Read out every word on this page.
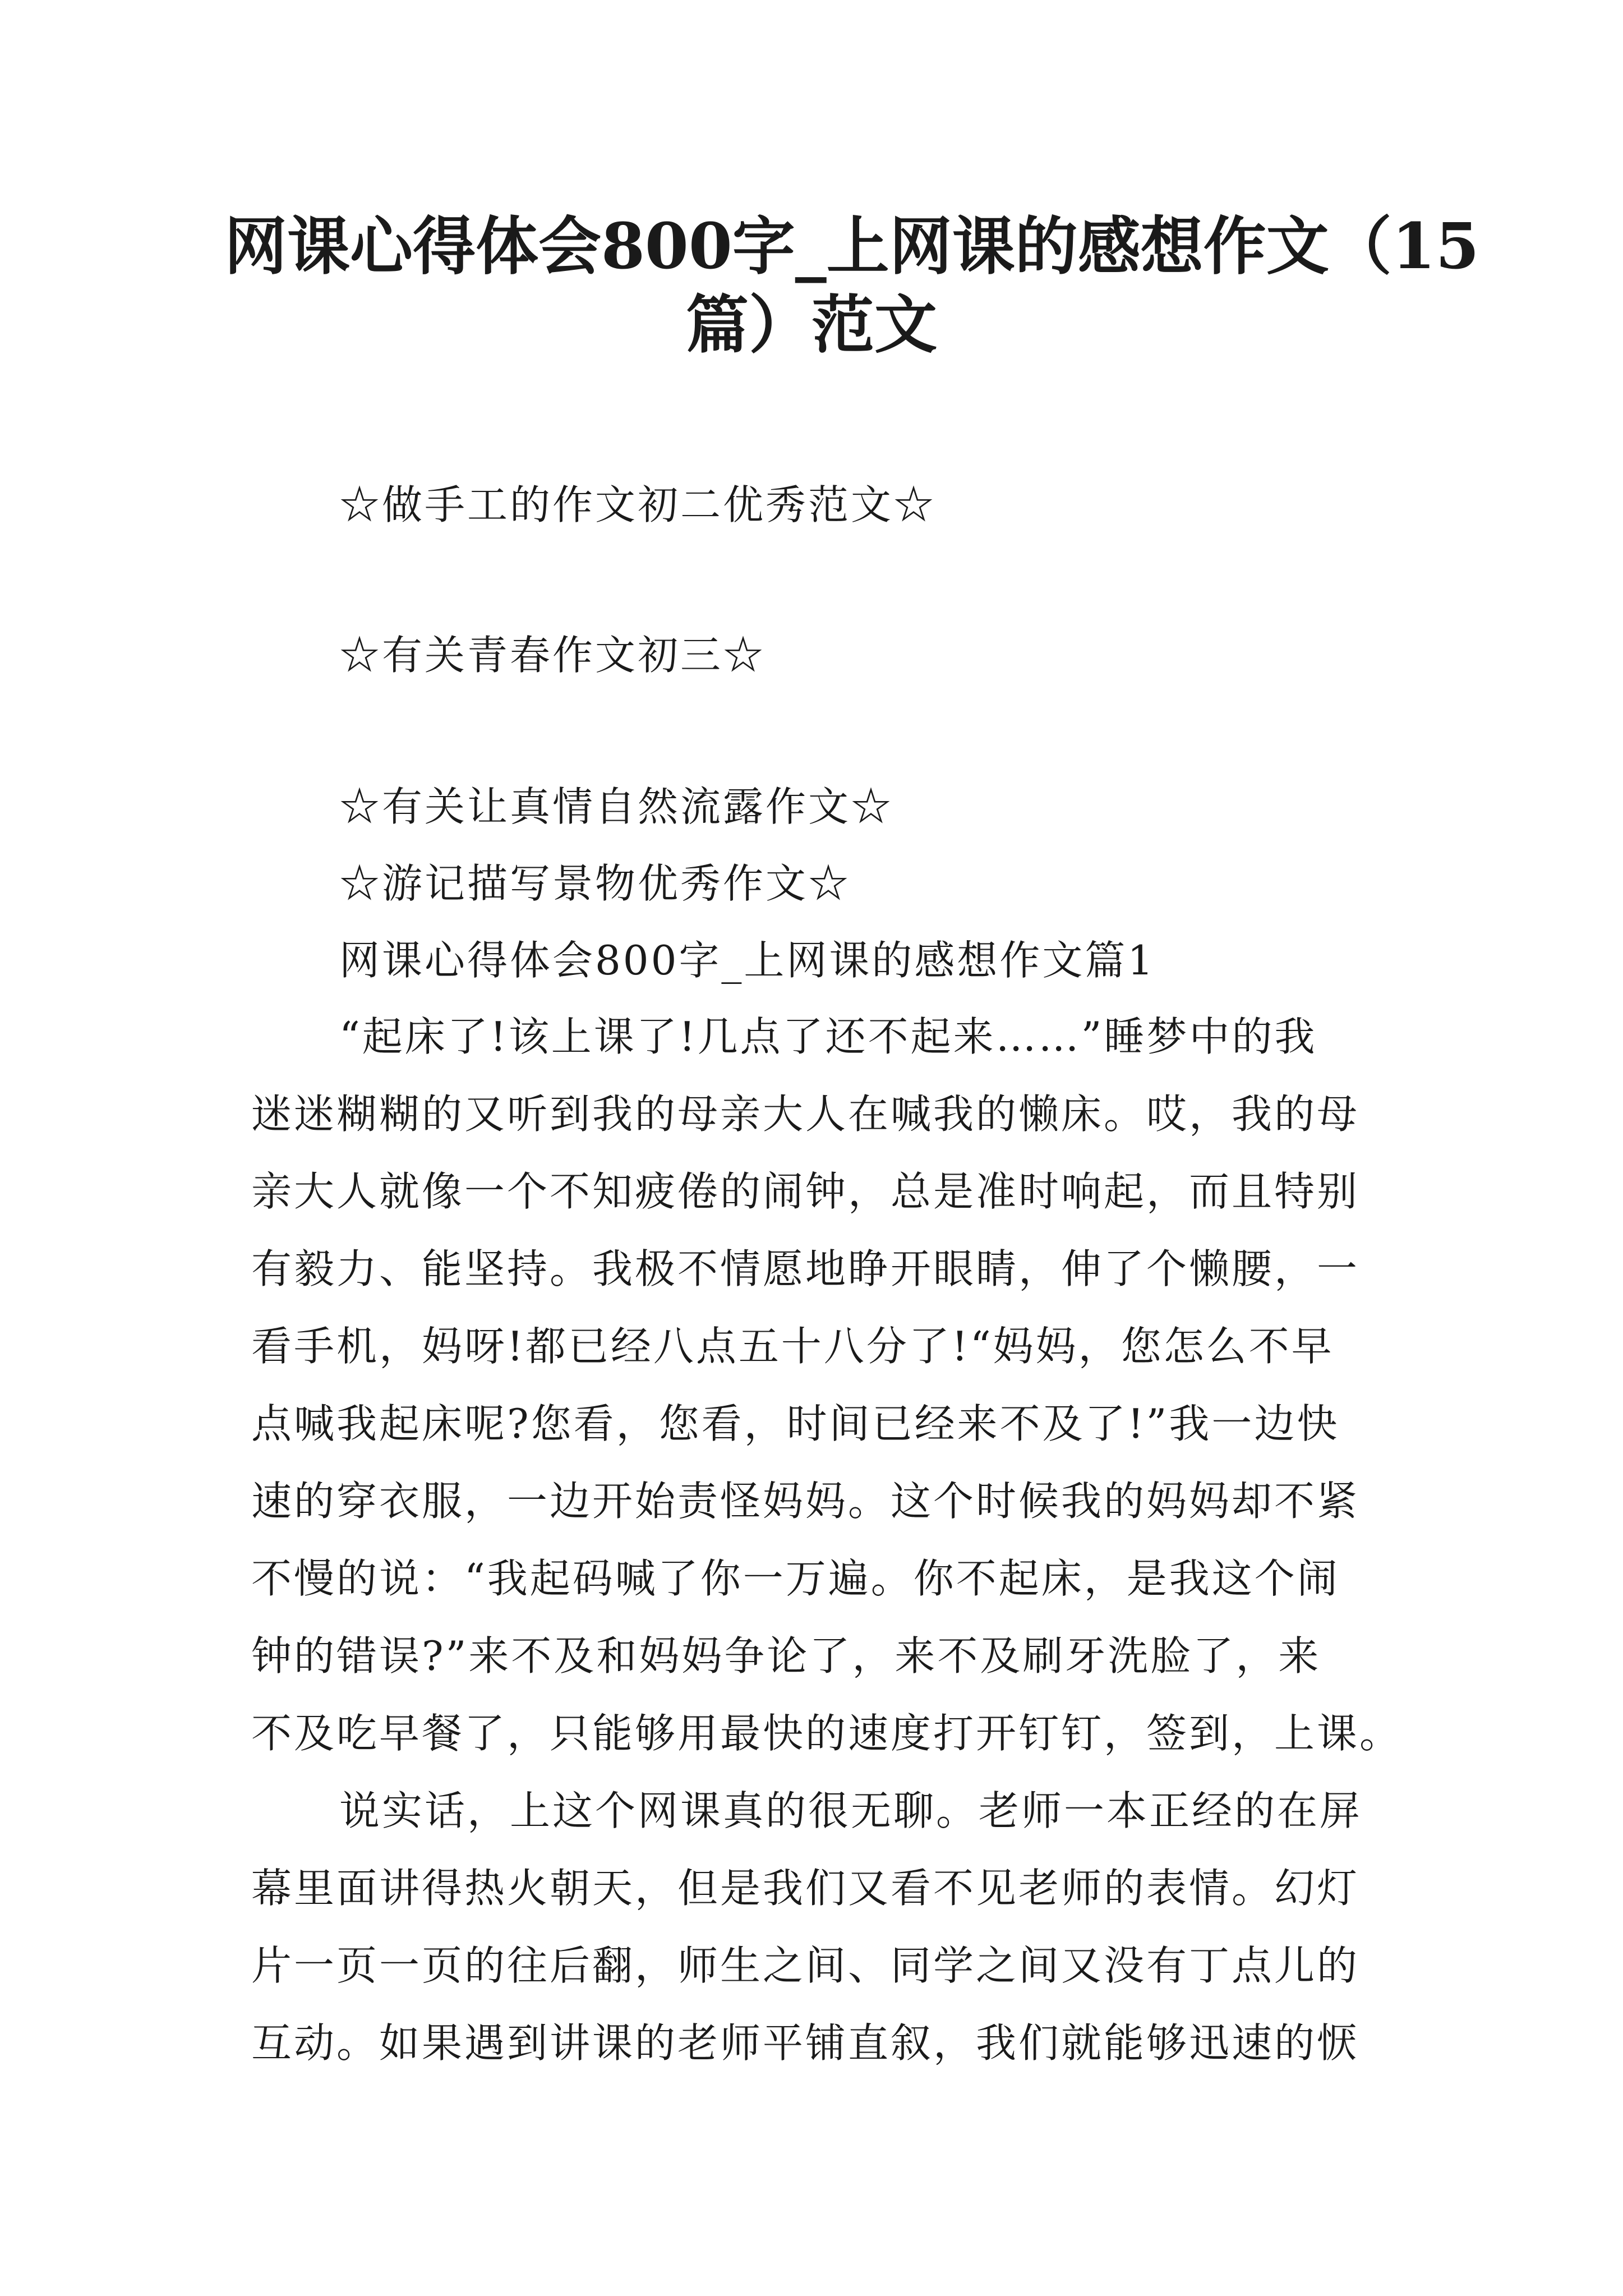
网课心得体会800字_上网课的感想作文（15
篇）范文
☆做手工的作文初二优秀范文☆
☆有关青春作文初三☆
☆有关让真情自然流露作文☆
☆游记描写景物优秀作文☆
网课心得体会800字_上网课的感想作文篇1
“起床了!该上课了!几点了还不起来……”睡梦中的我
迷迷糊糊的又听到我的母亲大人在喊我的懒床。哎，我的母
亲大人就像一个不知疲倦的闹钟，总是准时响起，而且特别
有毅力、能坚持。我极不情愿地睁开眼睛，伸了个懒腰，一
看手机，妈呀!都已经八点五十八分了!“妈妈，您怎么不早
点喊我起床呢?您看，您看，时间已经来不及了!”我一边快
速的穿衣服，一边开始责怪妈妈。这个时候我的妈妈却不紧
不慢的说：“我起码喊了你一万遍。你不起床，是我这个闹
钟的错误?”来不及和妈妈争论了，来不及刷牙洗脸了，来
不及吃早餐了，只能够用最快的速度打开钉钉，签到，上课。
说实话，上这个网课真的很无聊。老师一本正经的在屏
幕里面讲得热火朝天，但是我们又看不见老师的表情。幻灯
片一页一页的往后翻，师生之间、同学之间又没有丁点儿的
互动。如果遇到讲课的老师平铺直叙，我们就能够迅速的恹
